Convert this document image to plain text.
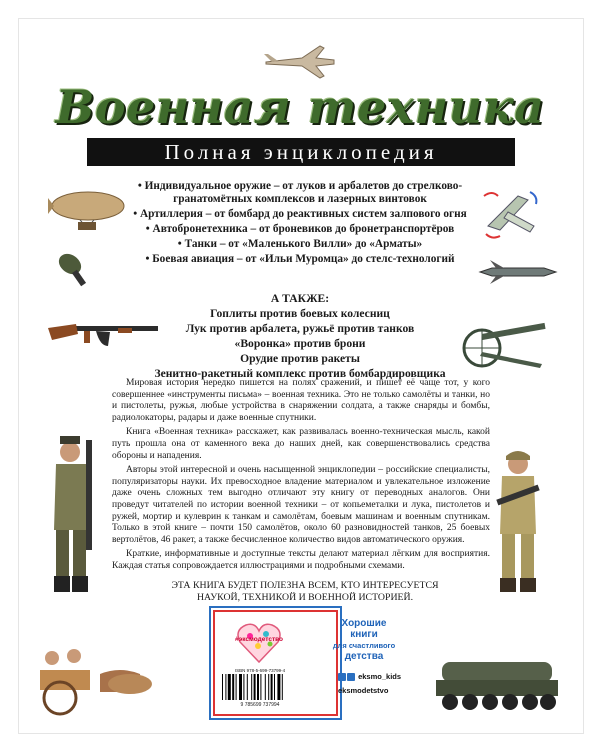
Военная техника
Полная энциклопедия
• Индивидуальное оружие – от луков и арбалетов до стрелково-гранатомётных комплексов и лазерных винтовок
• Артиллерия – от бомбард до реактивных систем залпового огня
• Автобронетехника – от броневиков до бронетранспортёров
• Танки – от «Маленького Вилли» до «Арматы»
• Боевая авиация – от «Ильи Муромца» до стелс-технологий
А ТАКЖЕ:
Гоплиты против боевых колесниц
Лук против арбалета, ружьё против танков
«Воронка» против брони
Орудие против ракеты
Зенитно-ракетный комплекс против бомбардировщика

Мировая история нередко пишется на полях сражений, и пишет её чаще тот, у кого совершеннее «инструменты письма» – военная техника. Это не только самолёты и танки, но и пистолеты, ружья, любые устройства в снаряжении солдата, а также снаряды и бомбы, радиолокаторы, радары и даже военные спутники.

Книга «Военная техника» расскажет, как развивалась военно-техническая мысль, какой путь прошла она от каменного века до наших дней, как совершенствовались средства обороны и нападения.

Авторы этой интересной и очень насыщенной энциклопедии – российские специалисты, популяризаторы науки. Их превосходное владение материалом и увлекательное изложение даже очень сложных тем выгодно отличают эту книгу от переводных аналогов. Они проведут читателей по истории военной техники – от копьеметалки и лука, пистолетов и ружей, мортир и кулеврин к танкам и самолётам, боевым машинам и военным спутникам. Только в этой книге – почти 150 самолётов, около 60 разновидностей танков, 25 боевых вертолётов, 46 ракет, а также бесчисленное количество видов автоматического оружия.

Краткие, информативные и доступные тексты делают материал лёгким для восприятия. Каждая статья сопровождается иллюстрациями и подробными схемами.

ЭТА КНИГА БУДЕТ ПОЛЕЗНА ВСЕМ, КТО ИНТЕРЕСУЕТСЯ НАУКОЙ, ТЕХНИКОЙ И ВОЕННОЙ ИСТОРИЕЙ.
#эксмодетство
Хорошие
книги
для счастливого
детства
ISBN 978-5-699-73799-4
9 785699 737994
eksmo_kids
eksmodetstvo
